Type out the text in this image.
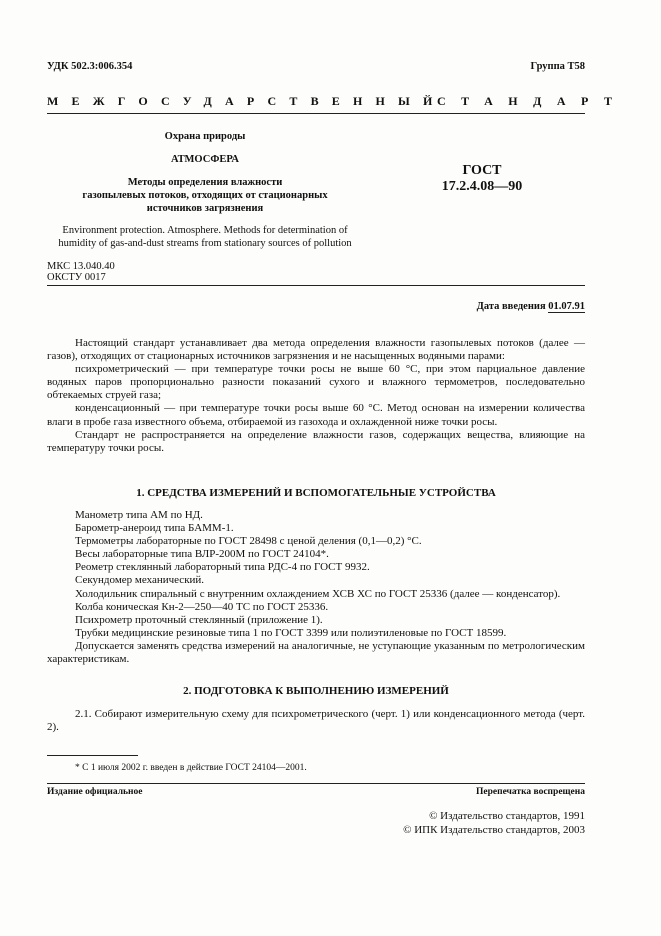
УДК 502.3:006.354	Группа Т58
МЕЖГОСУДАРСТВЕННЫЙ
СТАНДАРТ
Охрана природы
АТМОСФЕРА
Методы определения влажности
газопылевых потоков, отходящих от стационарных
источников загрязнения
Environment protection. Atmosphere. Methods for determination of
humidity of gas-and-dust streams from stationary sources of pollution
ГОСТ
17.2.4.08—90
МКС 13.040.40
ОКСТУ 0017
Дата введения 01.07.91

Настоящий стандарт устанавливает два метода определения влажности газопылевых потоков (далее — газов), отходящих от стационарных источников загрязнения и не насыщенных водяными парами:

психрометрический — при температуре точки росы не выше 60 °С, при этом парциальное давление водяных паров пропорционально разности показаний сухого и влажного термометров, последовательно обтекаемых струей газа;

конденсационный — при температуре точки росы выше 60 °С. Метод основан на измерении количества влаги в пробе газа известного объема, отбираемой из газохода и охлажденной ниже точки росы.

Стандарт не распространяется на определение влажности газов, содержащих вещества, влияющие на температуру точки росы.

1. СРЕДСТВА ИЗМЕРЕНИЙ И ВСПОМОГАТЕЛЬНЫЕ УСТРОЙСТВА
Манометр типа АМ по НД.
Барометр-анероид типа БАММ-1.
Термометры лабораторные по ГОСТ 28498 с ценой деления (0,1—0,2) °С.
Весы лабораторные типа ВЛР-200М по ГОСТ 24104*.
Реометр стеклянный лабораторный типа РДС-4 по ГОСТ 9932.
Секундомер механический.
Холодильник спиральный с внутренним охлаждением ХСВ ХС по ГОСТ 25336 (далее — конденсатор).
Колба коническая Кн-2—250—40 ТС по ГОСТ 25336.
Психрометр проточный стеклянный (приложение 1).
Трубки медицинские резиновые типа 1 по ГОСТ 3399 или полиэтиленовые по ГОСТ 18599.
Допускается заменять средства измерений на аналогичные, не уступающие указанным по метрологическим характеристикам.
2. ПОДГОТОВКА К ВЫПОЛНЕНИЮ ИЗМЕРЕНИЙ

2.1. Собирают измерительную схему для психрометрического (черт. 1) или конденсационного метода (черт. 2).

* С 1 июля 2002 г. введен в действие ГОСТ 24104—2001.
Издание официальное	Перепечатка воспрещена
© Издательство стандартов, 1991
© ИПК Издательство стандартов, 2003
